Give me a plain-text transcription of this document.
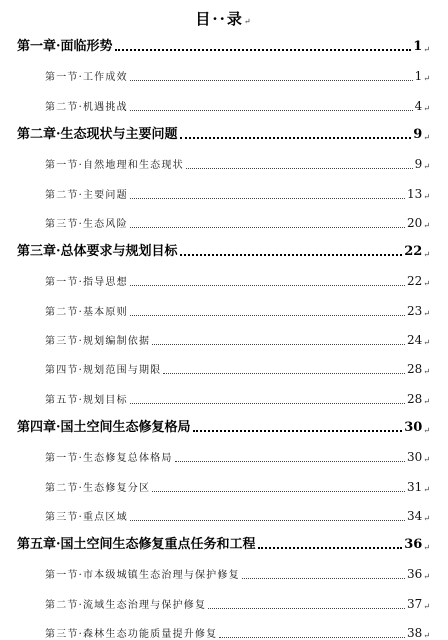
目··录↵
第一章·面临形势	1 ↵
第一节·工作成效	1 ↵
第二节·机遇挑战	4 ↵
第二章·生态现状与主要问题	9 ↵
第一节·自然地理和生态现状	9 ↵
第二节·主要问题	13 ↵
第三节·生态风险	20 ↵
第三章·总体要求与规划目标	22 ↵
第一节·指导思想	22 ↵
第二节·基本原则	23 ↵
第三节·规划编制依据	24 ↵
第四节·规划范围与期限	28 ↵
第五节·规划目标	28 ↵
第四章·国土空间生态修复格局	30 ↵
第一节·生态修复总体格局	30 ↵
第二节·生态修复分区	31 ↵
第三节·重点区域	34 ↵
第五章·国土空间生态修复重点任务和工程	36 ↵
第一节·市本级城镇生态治理与保护修复	36 ↵
第二节·流域生态治理与保护修复	37 ↵
第三节·森林生态功能质量提升修复	38 ↵
